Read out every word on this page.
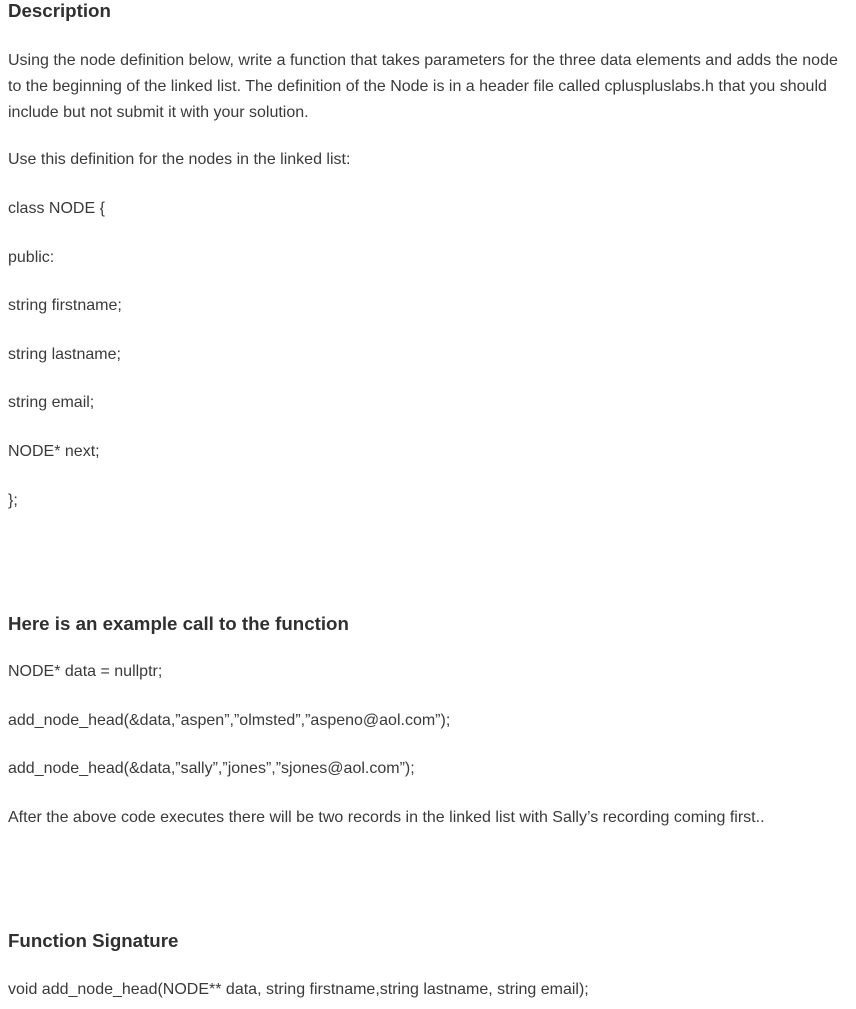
Description

Using the node definition below, write a function that takes parameters for the three data elements and adds the node to the beginning of the linked list. The definition of the Node is in a header file called cpluspluslabs.h that you should include but not submit it with your solution.

Use this definition for the nodes in the linked list:

class NODE {

public:

string firstname;

string lastname;

string email;

NODE* next;

};

Here is an example call to the function

NODE* data = nullptr;

add_node_head(&data,”aspen”,”olmsted”,”aspeno@aol.com”);

add_node_head(&data,”sally”,”jones”,”sjones@aol.com”);

After the above code executes there will be two records in the linked list with Sally’s recording coming first..

Function Signature

void add_node_head(NODE** data, string firstname,string lastname, string email);
